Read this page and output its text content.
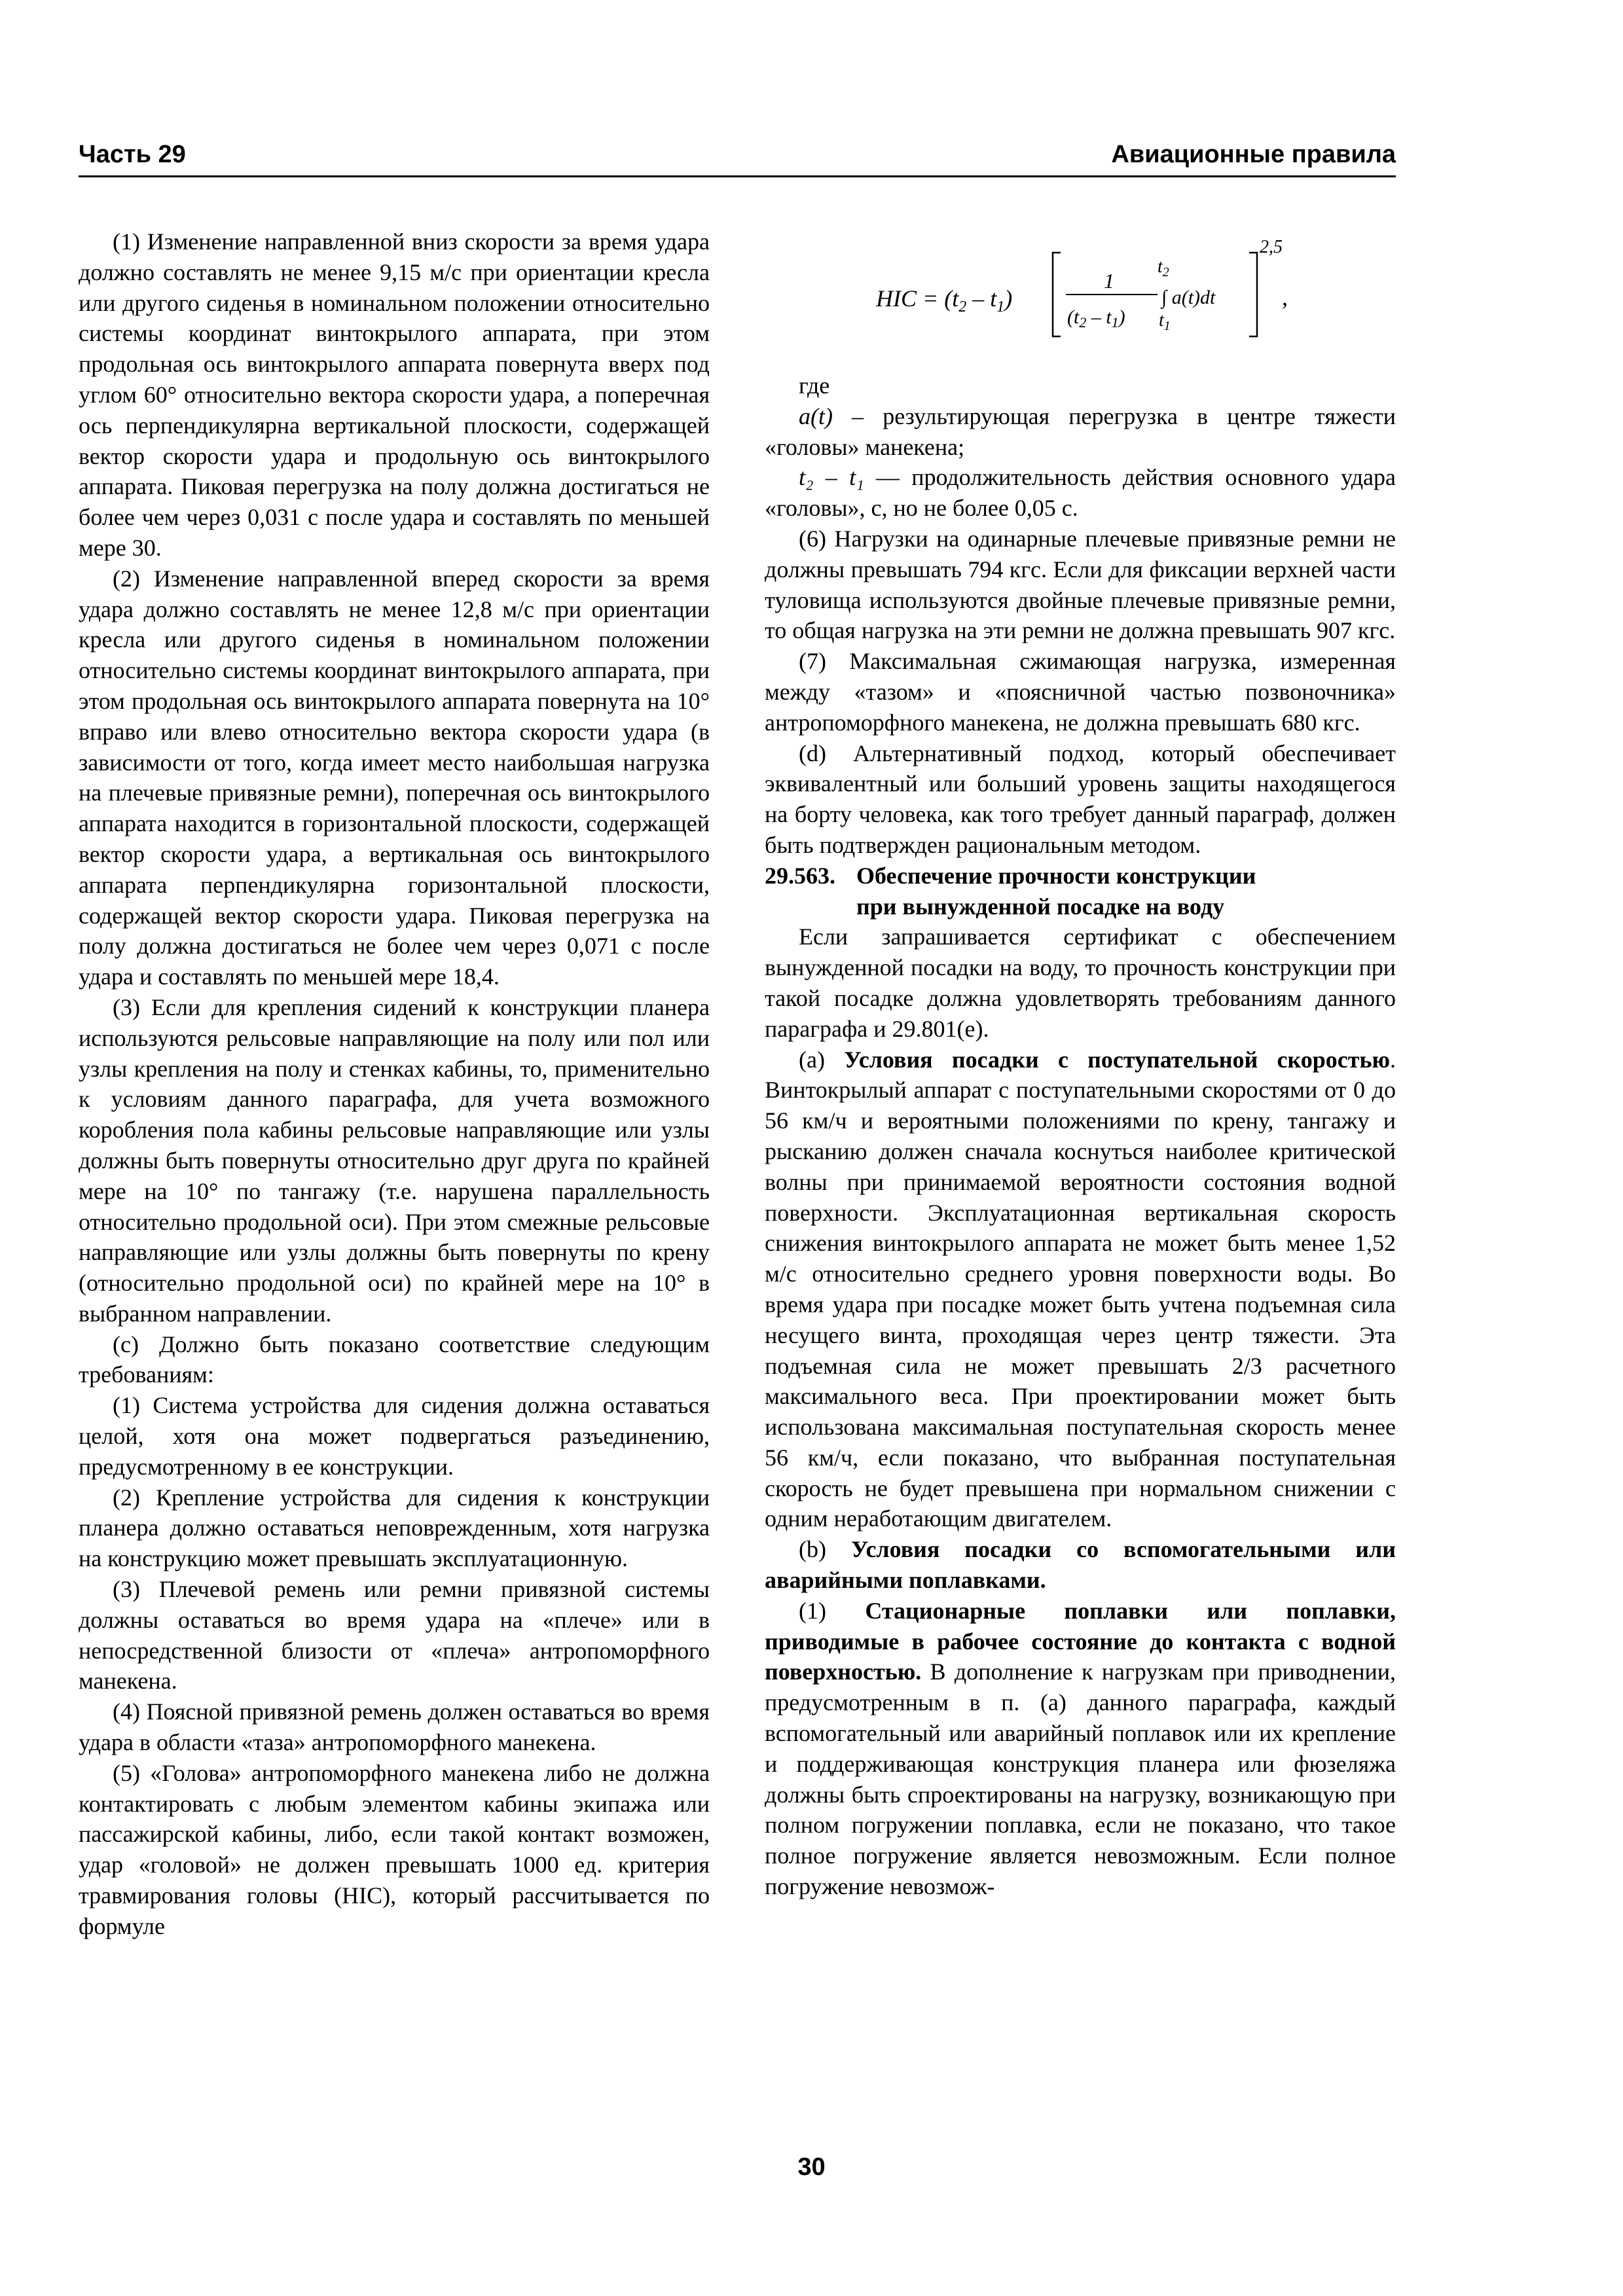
Часть 29	Авиационные правила

(1) Изменение направленной вниз скорости за время удара должно составлять не менее 9,15 м/с при ориентации кресла или другого сиденья в номинальном положении относительно системы координат винтокрылого аппарата, при этом продольная ось винтокрылого аппарата повернута вверх под углом 60° относительно вектора скорости удара, а поперечная ось перпендикулярна вертикальной плоскости, содержащей вектор скорости удара и продольную ось винтокрылого аппарата. Пиковая перегрузка на полу должна достигаться не более чем через 0,031 с после удара и составлять по меньшей мере 30.

(2) Изменение направленной вперед скорости за время удара должно составлять не менее 12,8 м/с при ориентации кресла или другого сиденья в номинальном положении относительно системы координат винтокрылого аппарата, при этом продольная ось винтокрылого аппарата повернута на 10° вправо или влево относительно вектора скорости удара (в зависимости от того, когда имеет место наибольшая нагрузка на плечевые привязные ремни), поперечная ось винтокрылого аппарата находится в горизонтальной плоскости, содержащей вектор скорости удара, а вертикальная ось винтокрылого аппарата перпендикулярна горизонтальной плоскости, содержащей вектор скорости удара. Пиковая перегрузка на полу должна достигаться не более чем через 0,071 с после удара и составлять по меньшей мере 18,4.

(3) Если для крепления сидений к конструкции планера используются рельсовые направляющие на полу или пол или узлы крепления на полу и стенках кабины, то, применительно к условиям данного параграфа, для учета возможного коробления пола кабины рельсовые направляющие или узлы должны быть повернуты относительно друг друга по крайней мере на 10° по тангажу (т.е. нарушена параллельность относительно продольной оси). При этом смежные рельсовые направляющие или узлы должны быть повернуты по крену (относительно продольной оси) по крайней мере на 10° в выбранном направлении.

(c) Должно быть показано соответствие следующим требованиям:

(1) Система устройства для сидения должна оставаться целой, хотя она может подвергаться разъединению, предусмотренному в ее конструкции.

(2) Крепление устройства для сидения к конструкции планера должно оставаться неповрежденным, хотя нагрузка на конструкцию может превышать эксплуатационную.

(3) Плечевой ремень или ремни привязной системы должны оставаться во время удара на «плече» или в непосредственной близости от «плеча» антропоморфного манекена.

(4) Поясной привязной ремень должен оставаться во время удара в области «таза» антропоморфного манекена.

(5) «Голова» антропоморфного манекена либо не должна контактировать с любым элементом кабины экипажа или пассажирской кабины, либо, если такой контакт возможен, удар «головой» не должен превышать 1000 ед. критерия травмирования головы (HIC), который рассчитывается по формуле

HIC = $(t_2 - t_1)$
1
$(t_2 - t_1)$
$t_2$
∫ a(t)dt
$t_1$
2,5
,

где

a(t) – результирующая перегрузка в центре тяжести «головы» манекена;

t₂ – t₁ — продолжительность действия основного удара «головы», с, но не более 0,05 с.

(6) Нагрузки на одинарные плечевые привязные ремни не должны превышать 794 кгс. Если для фиксации верхней части туловища используются двойные плечевые привязные ремни, то общая нагрузка на эти ремни не должна превышать 907 кгс.

(7) Максимальная сжимающая нагрузка, измеренная между «тазом» и «поясничной частью позвоночника» антропоморфного манекена, не должна превышать 680 кгс.

(d) Альтернативный подход, который обеспечивает эквивалентный или больший уровень защиты находящегося на борту человека, как того требует данный параграф, должен быть подтвержден рациональным методом.

29.563. Обеспечение прочности конструкции
при вынужденной посадке на воду

Если запрашивается сертификат с обеспечением вынужденной посадки на воду, то прочность конструкции при такой посадке должна удовлетворять требованиям данного параграфа и 29.801(e).

(a) Условия посадки с поступательной скоростью. Винтокрылый аппарат с поступательными скоростями от 0 до 56 км/ч и вероятными положениями по крену, тангажу и рысканию должен сначала коснуться наиболее критической волны при принимаемой вероятности состояния водной поверхности. Эксплуатационная вертикальная скорость снижения винтокрылого аппарата не может быть менее 1,52 м/с относительно среднего уровня поверхности воды. Во время удара при посадке может быть учтена подъемная сила несущего винта, проходящая через центр тяжести. Эта подъемная сила не может превышать 2/3 расчетного максимального веса. При проектировании может быть использована максимальная поступательная скорость менее 56 км/ч, если показано, что выбранная поступательная скорость не будет превышена при нормальном снижении с одним неработающим двигателем.

(b) Условия посадки со вспомогательными или аварийными поплавками.

(1) Стационарные поплавки или поплавки, приводимые в рабочее состояние до контакта с водной поверхностью. В дополнение к нагрузкам при приводнении, предусмотренным в п. (a) данного параграфа, каждый вспомогательный или аварийный поплавок или их крепление и поддерживающая конструкция планера или фюзеляжа должны быть спроектированы на нагрузку, возникающую при полном погружении поплавка, если не показано, что такое полное погружение является невозможным. Если полное погружение невозмож-

30
